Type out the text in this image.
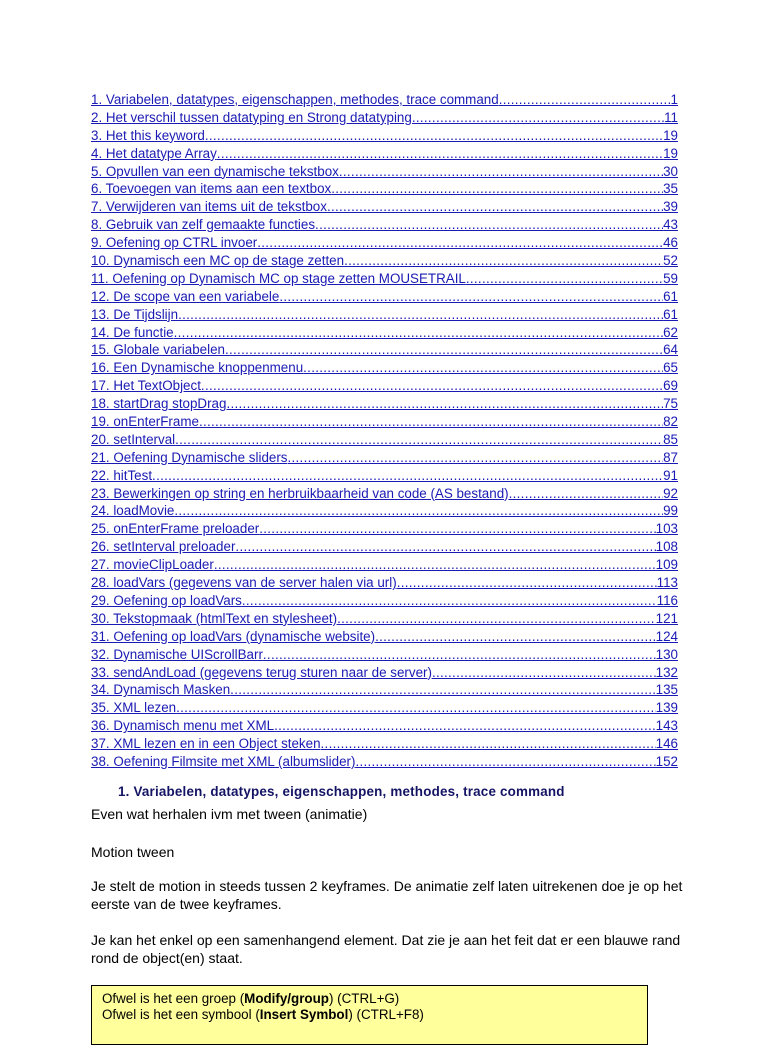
1. Variabelen, datatypes, eigenschappen, methodes, trace command .....	1
2. Het verschil tussen datatyping en Strong datatyping .....	11
3. Het this keyword .....	19
4. Het datatype Array .....	19
5. Opvullen van een dynamische tekstbox .....	30
6. Toevoegen van items aan een textbox .....	35
7. Verwijderen van items uit de tekstbox .....	39
8. Gebruik van zelf gemaakte functies .....	43
9. Oefening op CTRL invoer .....	46
10. Dynamisch een MC op de stage zetten .....	52
11. Oefening op Dynamisch MC op stage zetten MOUSETRAIL .....	59
12. De scope van een variabele .....	61
13. De Tijdslijn .....	61
14. De functie .....	62
15. Globale variabelen .....	64
16. Een Dynamische knoppenmenu .....	65
17. Het TextObject .....	69
18. startDrag stopDrag .....	75
19. onEnterFrame .....	82
20. setInterval .....	85
21. Oefening Dynamische sliders .....	87
22. hitTest .....	91
23. Bewerkingen op string en herbruikbaarheid van code (AS bestand) .....	92
24. loadMovie .....	99
25. onEnterFrame preloader .....	103
26. setInterval preloader .....	108
27. movieClipLoader .....	109
28. loadVars (gegevens van de server halen via url) .....	113
29. Oefening op loadVars .....	116
30. Tekstopmaak (htmlText en stylesheet) .....	121
31. Oefening op loadVars (dynamische website) .....	124
32. Dynamische UIScrollBarr .....	130
33. sendAndLoad (gegevens terug sturen naar de server) .....	132
34. Dynamisch Masken .....	135
35. XML lezen .....	139
36. Dynamisch menu met XML .....	143
37. XML lezen en in een Object steken .....	146
38. Oefening Filmsite met XML (albumslider) .....	152
1. Variabelen, datatypes, eigenschappen, methodes, trace command

Even wat herhalen ivm met tween (animatie)

Motion tween

Je stelt de motion in steeds tussen 2 keyframes. De animatie zelf laten uitrekenen doe je op het eerste van de twee keyframes.

Je kan het enkel op een samenhangend element. Dat zie je aan het feit dat er een blauwe rand rond de object(en) staat.

Ofwel is het een groep (Modify/group) (CTRL+G)
Ofwel is het een symbool (Insert Symbol) (CTRL+F8)
